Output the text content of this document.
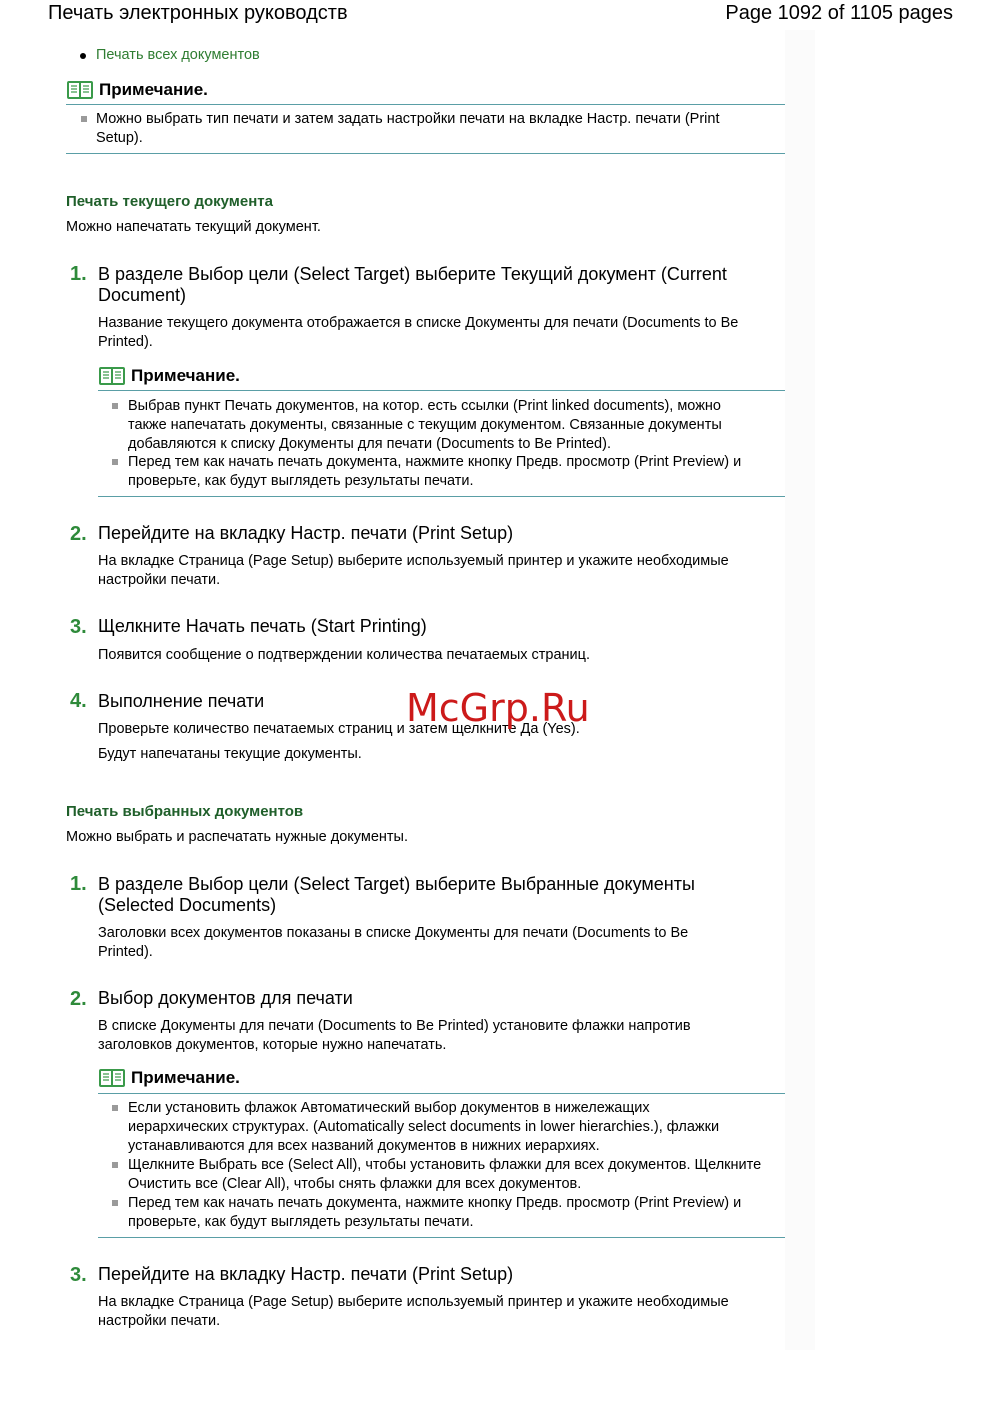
Печать электронных руководств	Page 1092 of 1105 pages
Печать всех документов
Примечание.
Можно выбрать тип печати и затем задать настройки печати на вкладке Настр. печати (Print Setup).
Печать текущего документа
Можно напечатать текущий документ.
1. В разделе Выбор цели (Select Target) выберите Текущий документ (Current Document)
Название текущего документа отображается в списке Документы для печати (Documents to Be Printed).
Примечание.
Выбрав пункт Печать документов, на котор. есть ссылки (Print linked documents), можно также напечатать документы, связанные с текущим документом. Связанные документы добавляются к списку Документы для печати (Documents to Be Printed).
Перед тем как начать печать документа, нажмите кнопку Предв. просмотр (Print Preview) и проверьте, как будут выглядеть результаты печати.
2. Перейдите на вкладку Настр. печати (Print Setup)
На вкладке Страница (Page Setup) выберите используемый принтер и укажите необходимые настройки печати.
3. Щелкните Начать печать (Start Printing)
Появится сообщение о подтверждении количества печатаемых страниц.
4. Выполнение печати
Проверьте количество печатаемых страниц и затем щелкните Да (Yes).
Будут напечатаны текущие документы.
Печать выбранных документов
Можно выбрать и распечатать нужные документы.
1. В разделе Выбор цели (Select Target) выберите Выбранные документы (Selected Documents)
Заголовки всех документов показаны в списке Документы для печати (Documents to Be Printed).
2. Выбор документов для печати
В списке Документы для печати (Documents to Be Printed) установите флажки напротив заголовков документов, которые нужно напечатать.
Примечание.
Если установить флажок Автоматический выбор документов в нижележащих иерархических структурах. (Automatically select documents in lower hierarchies.), флажки устанавливаются для всех названий документов в нижних иерархиях.
Щелкните Выбрать все (Select All), чтобы установить флажки для всех документов. Щелкните Очистить все (Clear All), чтобы снять флажки для всех документов.
Перед тем как начать печать документа, нажмите кнопку Предв. просмотр (Print Preview) и проверьте, как будут выглядеть результаты печати.
3. Перейдите на вкладку Настр. печати (Print Setup)
На вкладке Страница (Page Setup) выберите используемый принтер и укажите необходимые настройки печати.
McGrp.Ru
